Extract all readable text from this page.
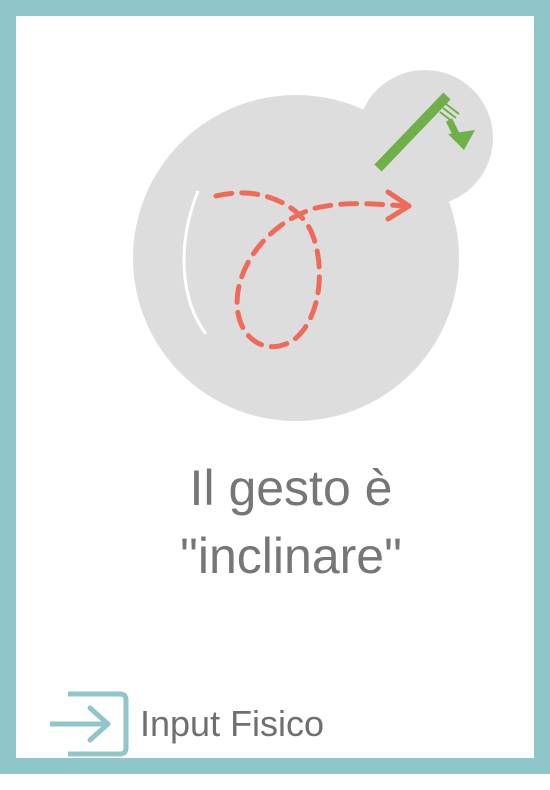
Il gesto è
"inclinare"
Input Fisico
